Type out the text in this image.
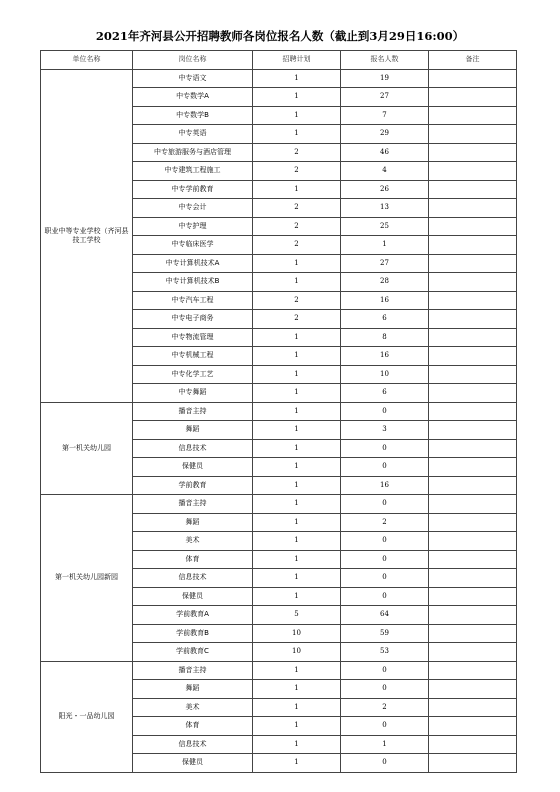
2021年齐河县公开招聘教师各岗位报名人数（截止到3月29日16:00）
单位名称	岗位名称	招聘计划	报名人数	备注
职业中等专业学校（齐河县技工学校	中专语文	1	19	
	中专数学A	1	27	
	中专数学B	1	7	
	中专英语	1	29	
	中专旅游服务与酒店管理	2	46	
	中专建筑工程施工	2	4	
	中专学前教育	1	26	
	中专会计	2	13	
	中专护理	2	25	
	中专临床医学	2	1	
	中专计算机技术A	1	27	
	中专计算机技术B	1	28	
	中专汽车工程	2	16	
	中专电子商务	2	6	
	中专物流管理	1	8	
	中专机械工程	1	16	
	中专化学工艺	1	10	
	中专舞蹈	1	6	
第一机关幼儿园	播音主持	1	0	
	舞蹈	1	3	
	信息技术	1	0	
	保健员	1	0	
	学前教育	1	16	
第一机关幼儿园新园	播音主持	1	0	
	舞蹈	1	2	
	美术	1	0	
	体育	1	0	
	信息技术	1	0	
	保健员	1	0	
	学前教育A	5	64	
	学前教育B	10	59	
	学前教育C	10	53	
阳光・一品幼儿园	播音主持	1	0	
	舞蹈	1	0	
	美术	1	2	
	体育	1	0	
	信息技术	1	1	
	保健员	1	0	
